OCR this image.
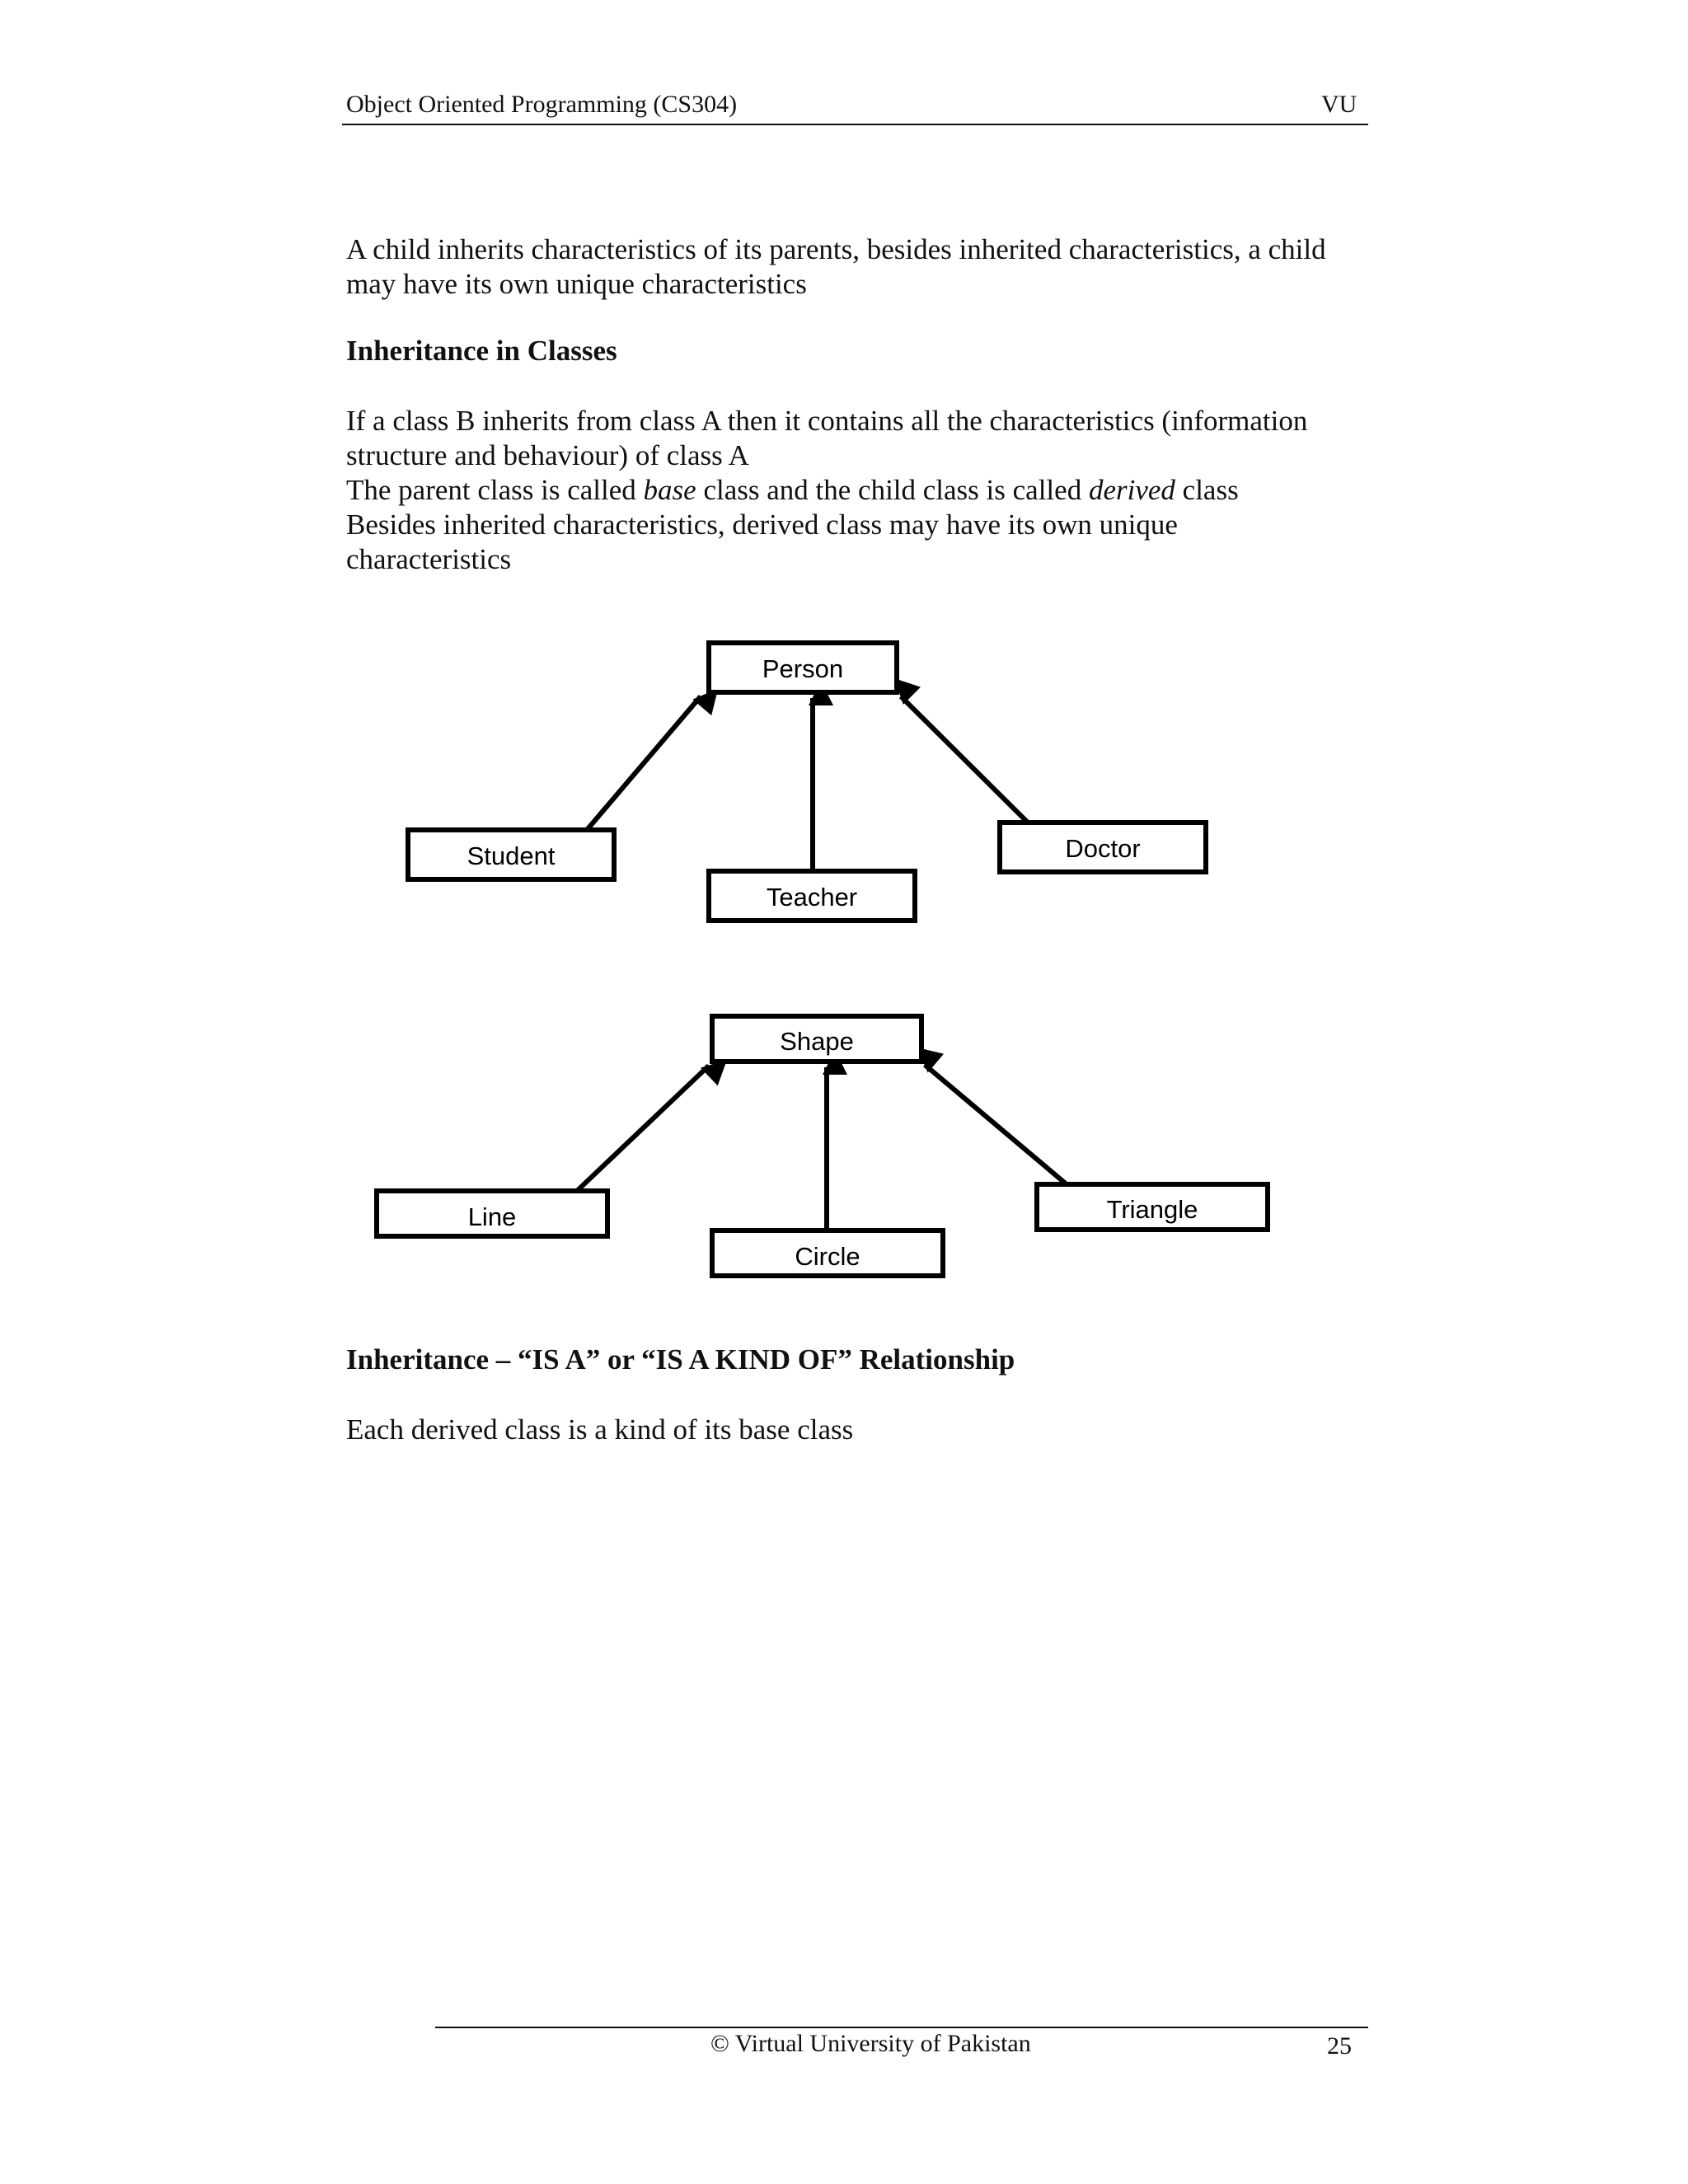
Object Oriented Programming (CS304)	VU
A child inherits characteristics of its parents, besides inherited characteristics, a child
may have its own unique characteristics
Inheritance in Classes
If a class B inherits from class A then it contains all the characteristics (information
structure and behaviour) of class A
The parent class is called base class and the child class is called derived class
Besides inherited characteristics, derived class may have its own unique
characteristics
Person
Student
Teacher
Doctor
Shape
Line
Circle
Triangle
Inheritance – “IS A” or “IS A KIND OF” Relationship
Each derived class is a kind of its base class
© Virtual University of Pakistan	25
